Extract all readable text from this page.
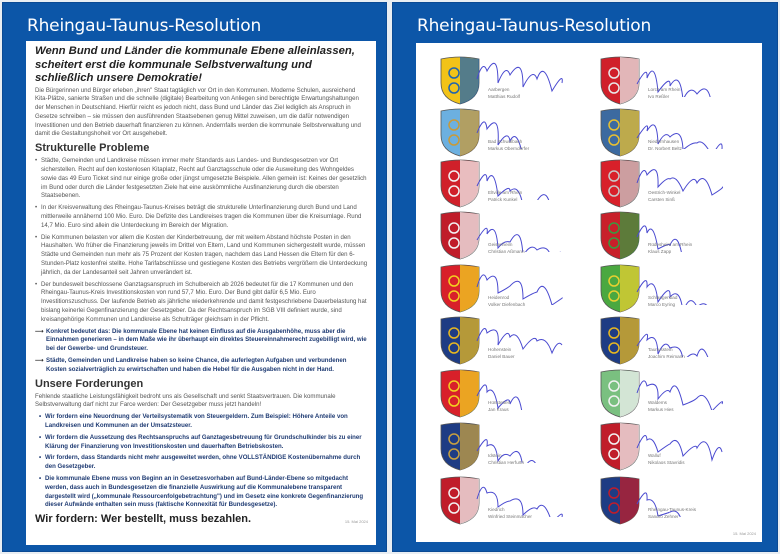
Rheingau-Taunus-Resolution
Wenn Bund und Länder die kommunale Ebene alleinlassen, scheitert erst die kommunale Selbstverwaltung und schließlich unsere Demokratie!

Die Bürgerinnen und Bürger erleben „ihren" Staat tagtäglich vor Ort in den Kommunen. Moderne Schulen, ausreichend Kita-Plätze, sanierte Straßen und die schnelle (digitale) Bearbeitung von Anliegen sind berechtigte Erwartungshaltungen der Menschen in Deutschland. Hierfür reicht es jedoch nicht, dass Bund und Länder das Ziel lediglich als Anspruch in Gesetze schreiben – sie müssen den ausführenden Staatsebenen genug Mittel zuweisen, um die dafür notwendigen Investitionen und den Betrieb dauerhaft finanzieren zu können. Andernfalls werden die kommunale Selbstverwaltung und damit die Gestaltungshoheit vor Ort ausgehebelt.

Strukturelle Probleme
• Städte, Gemeinden und Landkreise müssen immer mehr Standards aus Landes- und Bundesgesetzen vor Ort sicherstellen. Recht auf den kostenlosen Kitaplatz, Recht auf Ganztagsschule oder die Ausweitung des Wohngeldes sowie das 49 Euro Ticket sind nur einige große oder jüngst umgesetzte Beispiele. Allen gemein ist: Keines der gesetzlich im Bund oder durch die Länder festgesetzten Ziele hat eine auskömmliche Ausfinanzierung durch die obersten Staatsebenen.
• In der Kreisverwaltung des Rheingau-Taunus-Kreises beträgt die strukturelle Unterfinanzierung durch Bund und Land mittlerweile annähernd 100 Mio. Euro. Die Defizite des Landkreises tragen die Kommunen über die Kreisumlage. Rund 14,7 Mio. Euro sind allein die Unterdeckung im Bereich der Migration.
• Die Kommunen belasten vor allem die Kosten der Kinderbetreuung, der mit weitem Abstand höchste Posten in den Haushalten. Wo früher die Finanzierung jeweils im Drittel von Eltern, Land und Kommunen sichergestellt wurde, müssen Städte und Gemeinden nun mehr als 75 Prozent der Kosten tragen, nachdem das Land Hessen die Eltern für den 6-Stunden-Platz kostenfrei stellte. Hohe Tarifabschlüsse und gestiegene Kosten des Betriebs vergrößern die Unterdeckung jährlich, da der Landesanteil seit Jahren unverändert ist.
• Der bundesweit beschlossene Ganztagsanspruch im Schulbereich ab 2026 bedeutet für die 17 Kommunen und den Rheingau-Taunus-Kreis Investitionskosten von rund 57,7 Mio. Euro. Der Bund gibt dafür 6,5 Mio. Euro Investitionszuschuss. Der laufende Betrieb als jährliche wiederkehrende und damit festgeschriebene Dauerbelastung hat bislang keinerlei Gegenfinanzierung der Gesetzgeber. Da der Rechtsanspruch im SGB VIII definiert wurde, sind kreisangehörige Kommunen und Landkreise als Schulträger gleichsam in der Pflicht.
⟶ Konkret bedeutet das: Die kommunale Ebene hat keinen Einfluss auf die Ausgabenhöhe, muss aber die Einnahmen generieren – in dem Maße wie ihr überhaupt ein direktes Steuereinnahmerecht zugebilligt wird, wie bei der Gewerbe- und Grundsteuer.
⟶ Städte, Gemeinden und Landkreise haben so keine Chance, die auferlegten Aufgaben und verbundenen Kosten sozialverträglich zu erwirtschaften und haben die Hebel für die Ausgaben nicht in der Hand.
Unsere Forderungen

Fehlende staatliche Leistungsfähigkeit bedroht uns als Gesellschaft und senkt Staatsvertrauen. Die kommunale Selbstverwaltung darf nicht zur Farce werden: Der Gesetzgeber muss jetzt handeln!

• Wir fordern eine Neuordnung der Verteilsystematik von Steuergeldern. Zum Beispiel: Höhere Anteile von Landkreisen und Kommunen an der Umsatzsteuer.
• Wir fordern die Aussetzung des Rechtsanspruchs auf Ganztagesbetreuung für Grundschulkinder bis zu einer Klärung der Finanzierung von Investitionskosten und dauerhaften Betriebskosten.
• Wir fordern, dass Standards nicht mehr ausgeweitet werden, ohne VOLLSTÄNDIGE Kostenübernahme durch den Gesetzgeber.
• Die kommunale Ebene muss von Beginn an in Gesetzesvorhaben auf Bund-Länder-Ebene so mitgedacht werden, dass auch in Bundesgesetzen die finanzielle Auswirkung auf die Kommunalebene transparent dargestellt wird („kommunale Ressourcenfolgebetrachtung") und im Gesetz eine konkrete Gegenfinanzierung dieser Aufwände enthalten sein muss (faktische Konnexität für Bundesgesetze).
Wir fordern: Wer bestellt, muss bezahlen.	15. Mai 2024
Rheingau-Taunus-Resolution
15. Mai 2024
Aarbergen
Matthias Rudolf
Lorch am Rhein
Ivo Reßler
Bad Schwalbach
Markus Oberndörfer
Niedernhausen
Dr. Norbert Beltz
Eltville am Rhein
Patrick Kunkel
Oestrich-Winkel
Carsten Sinß
Geisenheim
Christian Aßmann
Rüdesheim am Rhein
Klaus Zapp
Heidenrod
Volker Diefenbach
Schlangenbad
Marco Eyring
Hohenstein
Daniel Bauer
Taunusstein
Joachim Reimann
Hünstetten
Jan Kraus
Waldems
Markus Hies
Idstein
Christian Herfurth
Walluf
Nikolaos Stavridis
Kiedrich
Winfried Steinmacher
Rheingau-Taunus-Kreis
Sandro Zehner
